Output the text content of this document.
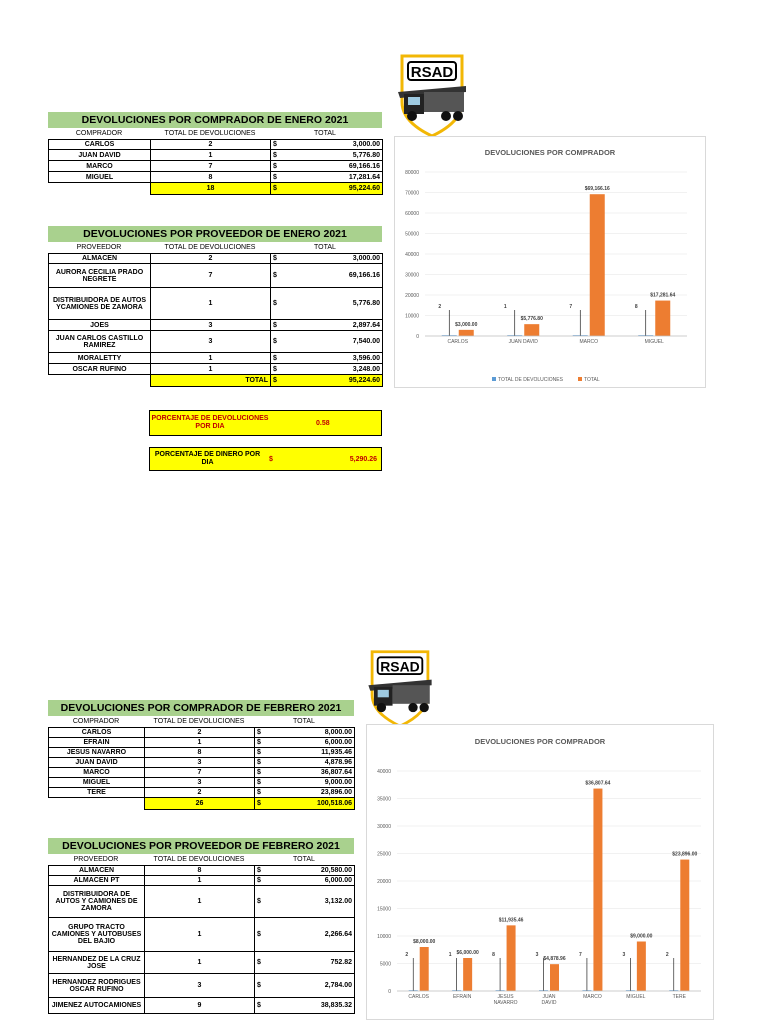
RSAD
RSAD
DEVOLUCIONES POR COMPRADOR DE ENERO 2021
COMPRADOR	TOTAL DE DEVOLUCIONES	TOTAL
CARLOS	2	$	3,000.00
JUAN DAVID	1	$	5,776.80
MARCO	7	$	69,166.16
MIGUEL	8	$	17,281.64
	18	$	95,224.60
DEVOLUCIONES POR PROVEEDOR DE ENERO 2021
PROVEEDOR	TOTAL DE DEVOLUCIONES	TOTAL
ALMACEN	2	$	3,000.00
AURORA CECILIA PRADO NEGRETE	7	$	69,166.16
DISTRIBUIDORA DE AUTOS YCAMIONES DE ZAMORA	1	$	5,776.80
JOES	3	$	2,897.64
JUAN CARLOS CASTILLO RAMIREZ	3	$	7,540.00
MORALETTY	1	$	3,596.00
OSCAR RUFINO	1	$	3,248.00

	TOTAL	$	95,224.60
PORCENTAJE DE DEVOLUCIONES POR DIA	0.58
PORCENTAJE DE DINERO POR DIA	$	5,290.26
DEVOLUCIONES POR COMPRADOR
0
10000
20000
30000
40000
50000
60000
70000
80000
2
$3,000.00
CARLOS
1
$5,776.80
JUAN DAVID
7
$69,166.16
MARCO
8
$17,281.64
MIGUEL
TOTAL DE DEVOLUCIONES	TOTAL
DEVOLUCIONES POR COMPRADOR DE FEBRERO 2021
COMPRADOR	TOTAL DE DEVOLUCIONES	TOTAL
CARLOS	2	$	8,000.00
EFRAIN	1	$	6,000.00
JESUS NAVARRO	8	$	11,935.46
JUAN DAVID	3	$	4,878.96
MARCO	7	$	36,807.64
MIGUEL	3	$	9,000.00
TERE	2	$	23,896.00
	26	$	100,518.06
DEVOLUCIONES POR PROVEEDOR DE FEBRERO 2021
PROVEEDOR	TOTAL DE DEVOLUCIONES	TOTAL
ALMACEN	8	$	20,580.00
ALMACEN PT	1	$	6,000.00
DISTRIBUIDORA DE AUTOS Y CAMIONES DE ZAMORA	1	$	3,132.00
GRUPO TRACTO CAMIONES Y AUTOBUSES DEL BAJIO	1	$	2,266.64
HERNANDEZ DE LA CRUZ JOSE	1	$	752.82
HERNANDEZ RODRIGUES OSCAR RUFINO	3	$	2,784.00
JIMENEZ AUTOCAMIONES	9	$	38,835.32
DEVOLUCIONES POR COMPRADOR
0
5000
10000
15000
20000
25000
30000
35000
40000
2
$8,000.00
CARLOS
1 $6,000.00
EFRAIN
8
$11,935.46
JESUS
NAVARRO
3
$4,878.96
JUAN
DAVID
7
$36,807.64
MARCO
3
$9,000.00
MIGUEL
2
$23,896.00
TERE
